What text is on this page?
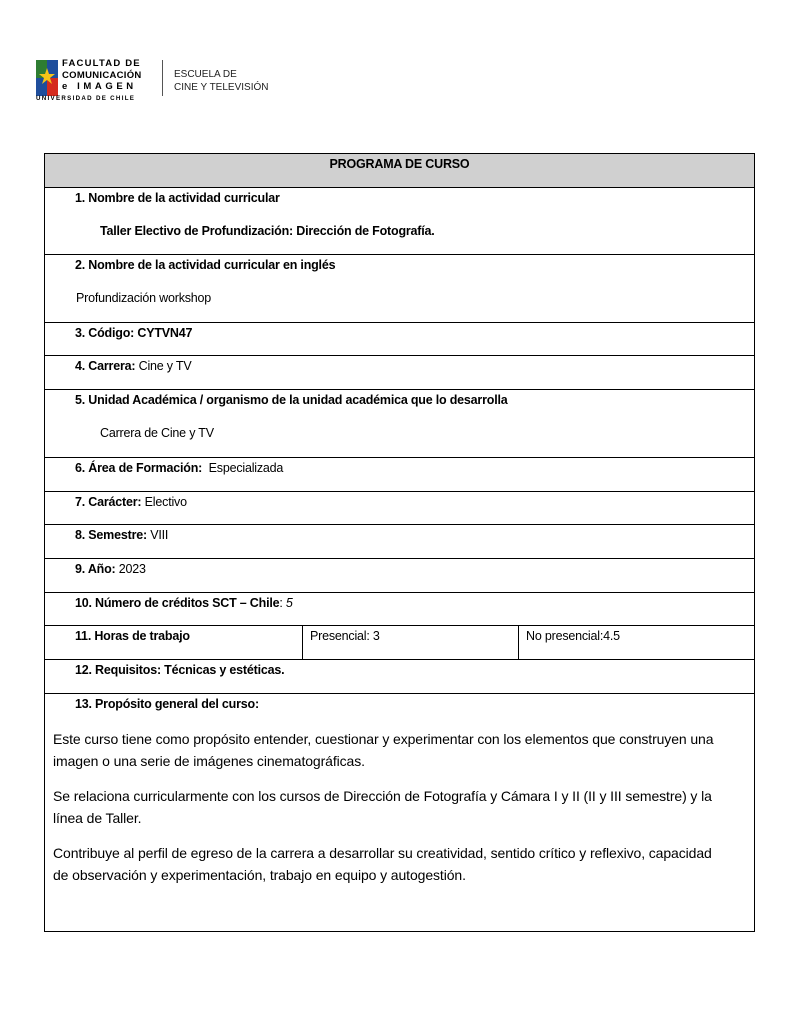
FACULTAD DE
COMUNICACIÓN
e IMAGEN
UNIVERSIDAD DE CHILE
ESCUELA DE
CINE Y TELEVISIÓN
PROGRAMA DE CURSO
1. Nombre de la actividad curricular
Taller Electivo de Profundización: Dirección de Fotografía.
2. Nombre de la actividad curricular en inglés
Profundización workshop
3. Código: CYTVN47
4. Carrera: Cine y TV
5. Unidad Académica / organismo de la unidad académica que lo desarrolla
Carrera de Cine y TV
6. Área de Formación: Especializada
7. Carácter: Electivo
8. Semestre: VIII
9. Año: 2023
10. Número de créditos SCT – Chile: 5
11. Horas de trabajo	Presencial: 3	No presencial:4.5
12. Requisitos: Técnicas y estéticas.
13. Propósito general del curso:
Este curso tiene como propósito entender, cuestionar y experimentar con los elementos que construyen una
imagen o una serie de imágenes cinematográficas.
Se relaciona curricularmente con los cursos de Dirección de Fotografía y Cámara I y II (II y III semestre) y la
línea de Taller.
Contribuye al perfil de egreso de la carrera a desarrollar su creatividad, sentido crítico y reflexivo, capacidad
de observación y experimentación, trabajo en equipo y autogestión.
